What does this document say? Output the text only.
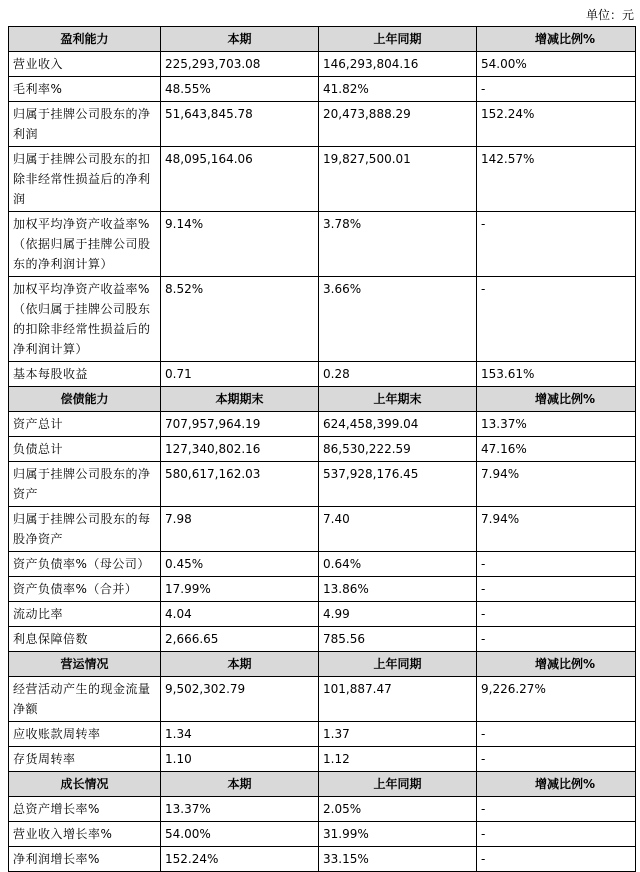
单位：元
盈利能力	本期	上年同期	增减比例%
营业收入	225,293,703.08	146,293,804.16	54.00%
毛利率%	48.55%	41.82%	-
归属于挂牌公司股东的净利润	51,643,845.78	20,473,888.29	152.24%
归属于挂牌公司股东的扣除非经常性损益后的净利润	48,095,164.06	19,827,500.01	142.57%
加权平均净资产收益率%（依据归属于挂牌公司股东的净利润计算）	9.14%	3.78%	-
加权平均净资产收益率%（依归属于挂牌公司股东的扣除非经常性损益后的净利润计算）	8.52%	3.66%	-
基本每股收益	0.71	0.28	153.61%
偿债能力	本期期末	上年期末	增减比例%
资产总计	707,957,964.19	624,458,399.04	13.37%
负债总计	127,340,802.16	86,530,222.59	47.16%
归属于挂牌公司股东的净资产	580,617,162.03	537,928,176.45	7.94%
归属于挂牌公司股东的每股净资产	7.98	7.40	7.94%
资产负债率%（母公司）	0.45%	0.64%	-
资产负债率%（合并）	17.99%	13.86%	-
流动比率	4.04	4.99	-
利息保障倍数	2,666.65	785.56	-
营运情况	本期	上年同期	增减比例%
经营活动产生的现金流量净额	9,502,302.79	101,887.47	9,226.27%
应收账款周转率	1.34	1.37	-
存货周转率	1.10	1.12	-
成长情况	本期	上年同期	增减比例%
总资产增长率%	13.37%	2.05%	-
营业收入增长率%	54.00%	31.99%	-
净利润增长率%	152.24%	33.15%	-
